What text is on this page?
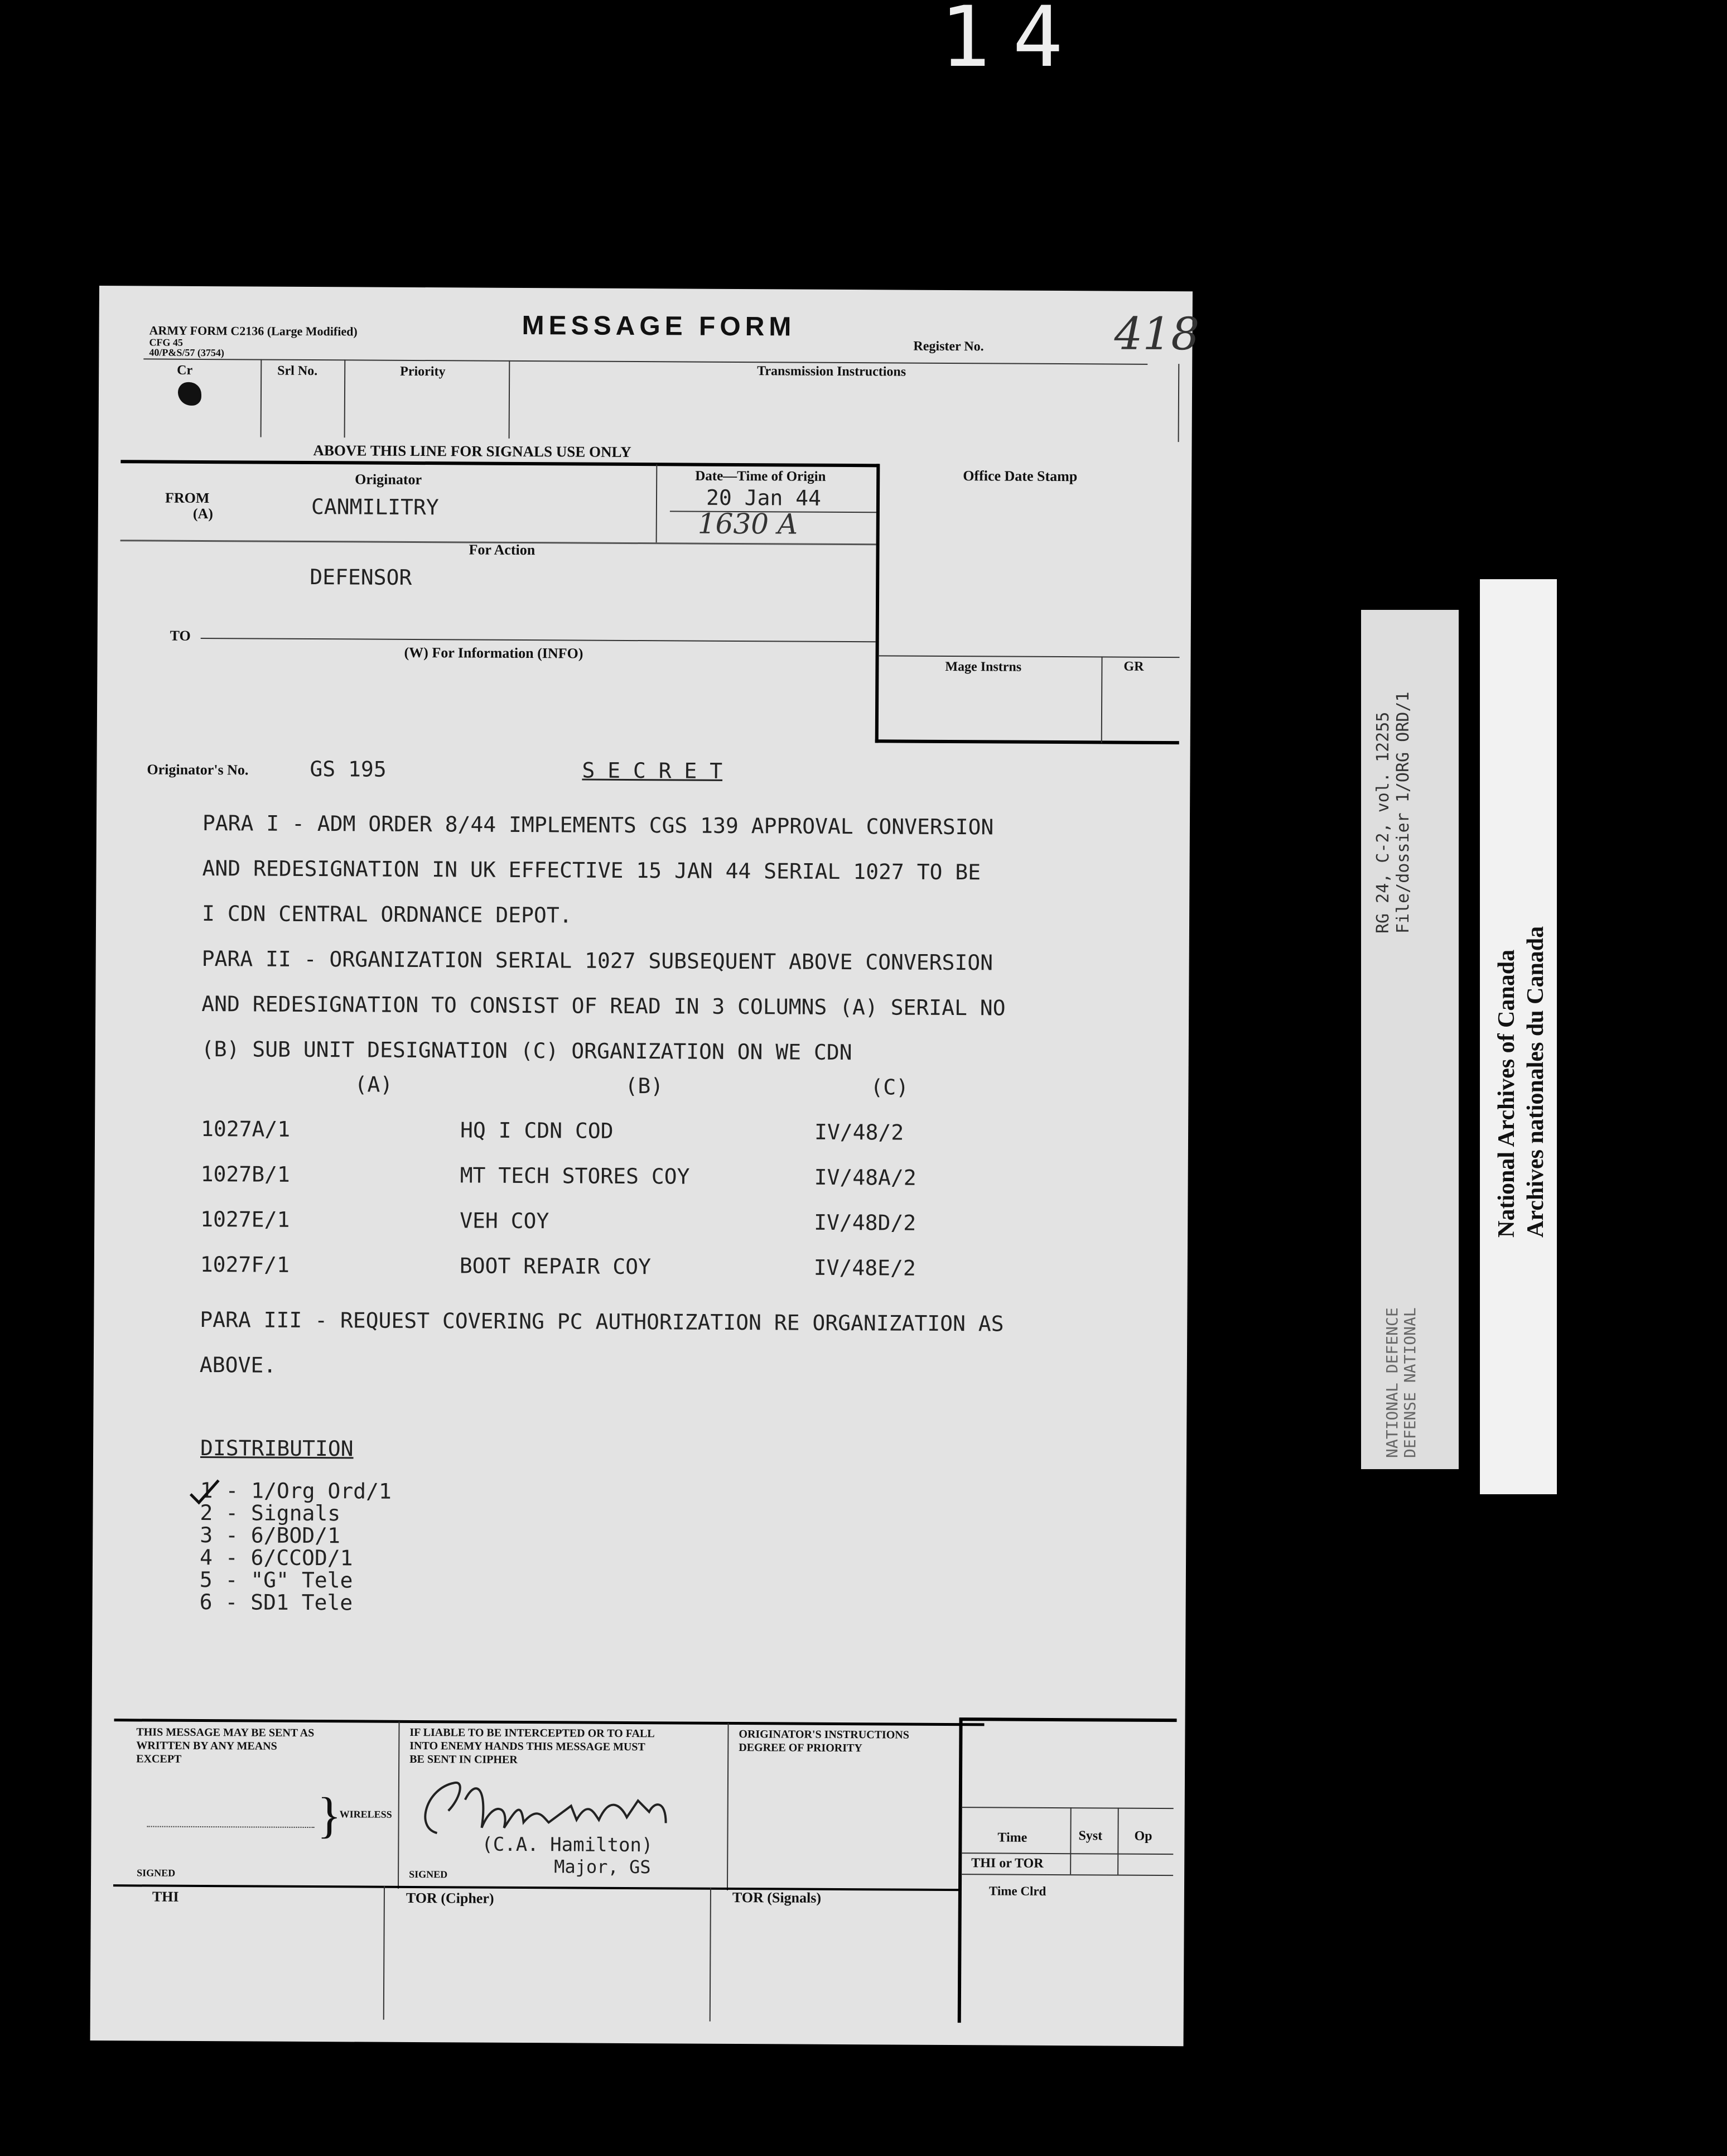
14
ARMY FORM C2136 (Large Modified)
CFG 45
40/P&S/57 (3754)
MESSAGE FORM
Register No.	418
Cr	Srl No.	Priority	Transmission Instructions
ABOVE THIS LINE FOR SIGNALS USE ONLY
FROM
(A)
Originator
CANMILITRY
Date—Time of Origin
20 Jan 44
1630 A
Office Date Stamp
For Action
DEFENSOR
TO
(W) For Information (INFO)
Mage Instrns	GR
Originator's No.	GS 195	S E C R E T
PARA I - ADM ORDER 8/44 IMPLEMENTS CGS 139 APPROVAL CONVERSION
AND REDESIGNATION IN UK EFFECTIVE 15 JAN 44 SERIAL 1027 TO BE
I CDN CENTRAL ORDNANCE DEPOT.
PARA II - ORGANIZATION SERIAL 1027 SUBSEQUENT ABOVE CONVERSION
AND REDESIGNATION TO CONSIST OF READ IN 3 COLUMNS (A) SERIAL NO
(B) SUB UNIT DESIGNATION (C) ORGANIZATION ON WE CDN
(A)	(B)	(C)
1027A/1	HQ I CDN COD	IV/48/2
1027B/1	MT TECH STORES COY	IV/48A/2
1027E/1	VEH COY	IV/48D/2
1027F/1	BOOT REPAIR COY	IV/48E/2
PARA III - REQUEST COVERING PC AUTHORIZATION RE ORGANIZATION AS
ABOVE.
DISTRIBUTION
1 - 1/Org Ord/1
2 - Signals
3 - 6/BOD/1
4 - 6/CCOD/1
5 - "G" Tele
6 - SD1 Tele
THIS MESSAGE MAY BE SENT AS
WRITTEN BY ANY MEANS
EXCEPT
}
WIRELESS
SIGNED
IF LIABLE TO BE INTERCEPTED OR TO FALL
INTO ENEMY HANDS THIS MESSAGE MUST
BE SENT IN CIPHER
(C.A. Hamilton)
Major, GS
SIGNED
ORIGINATOR'S INSTRUCTIONS
DEGREE OF PRIORITY
Time	Syst Op
THI or TOR
Time Clrd
THI	TOR (Cipher)	TOR (Signals)
RG 24, C-2, vol. 12255 File/dossier 1/ORG ORD/1
NATIONAL DEFENCE DEFENSE NATIONAL
National Archives of Canada Archives nationales du Canada
